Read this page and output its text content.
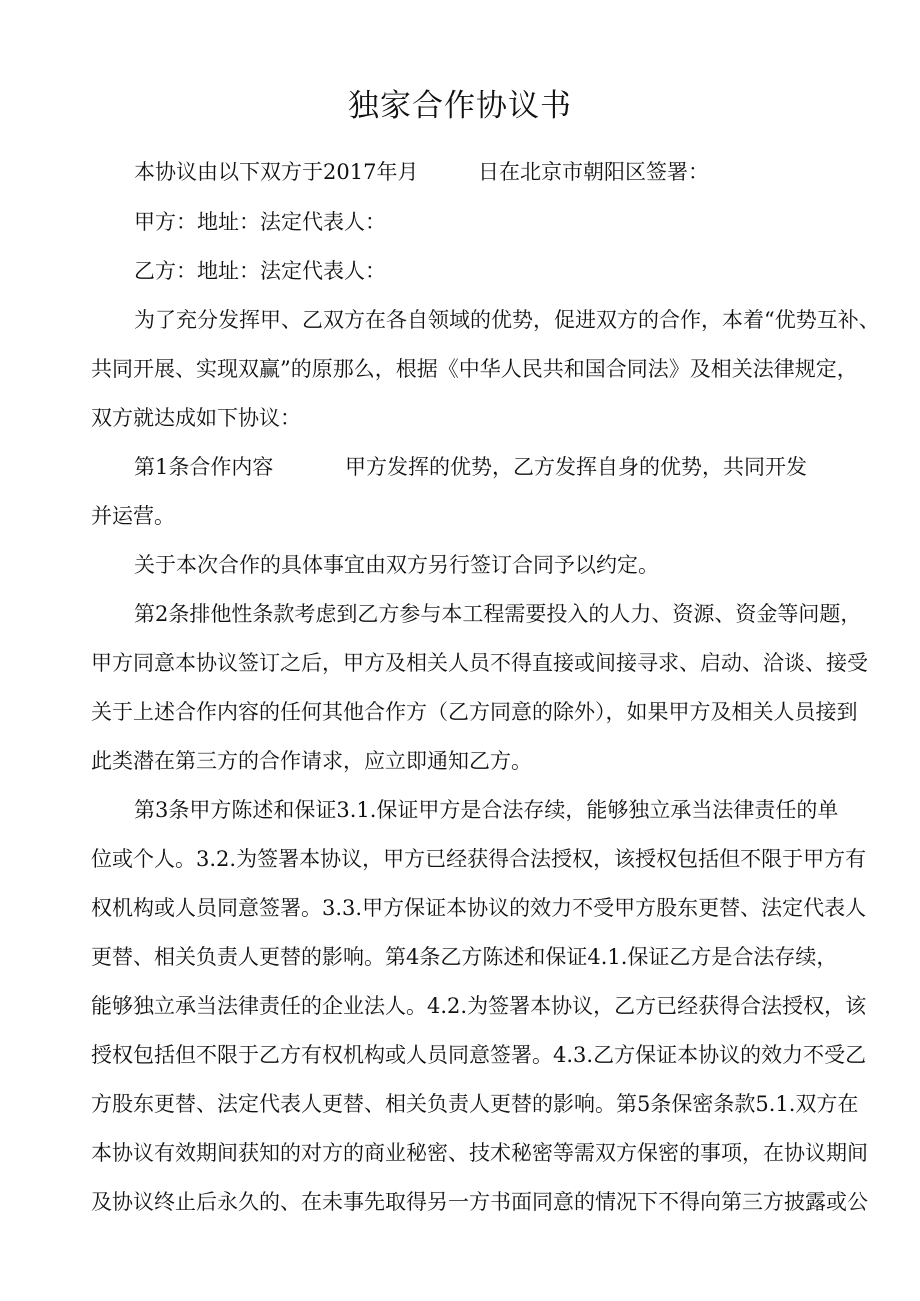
独家合作协议书
本协议由以下双方于2017年月	日在北京市朝阳区签署：
甲方：地址：法定代表人：
乙方：地址：法定代表人：
为了充分发挥甲、乙双方在各自领域的优势，促进双方的合作，本着“优势互补、
共同开展、实现双赢”的原那么，根据《中华人民共和国合同法》及相关法律规定，
双方就达成如下协议：
第1条合作内容	甲方发挥的优势，乙方发挥自身的优势，共同开发
并运营。
关于本次合作的具体事宜由双方另行签订合同予以约定。
第2条排他性条款考虑到乙方参与本工程需要投入的人力、资源、资金等问题，
甲方同意本协议签订之后，甲方及相关人员不得直接或间接寻求、启动、洽谈、接受
关于上述合作内容的任何其他合作方（乙方同意的除外），如果甲方及相关人员接到
此类潜在第三方的合作请求，应立即通知乙方。
第3条甲方陈述和保证3.1.保证甲方是合法存续，能够独立承当法律责任的单
位或个人。3.2.为签署本协议，甲方已经获得合法授权，该授权包括但不限于甲方有
权机构或人员同意签署。3.3.甲方保证本协议的效力不受甲方股东更替、法定代表人
更替、相关负责人更替的影响。第4条乙方陈述和保证4.1.保证乙方是合法存续，
能够独立承当法律责任的企业法人。4.2.为签署本协议，乙方已经获得合法授权，该
授权包括但不限于乙方有权机构或人员同意签署。4.3.乙方保证本协议的效力不受乙
方股东更替、法定代表人更替、相关负责人更替的影响。第5条保密条款5.1.双方在
本协议有效期间获知的对方的商业秘密、技术秘密等需双方保密的事项，在协议期间
及协议终止后永久的、在未事先取得另一方书面同意的情况下不得向第三方披露或公
